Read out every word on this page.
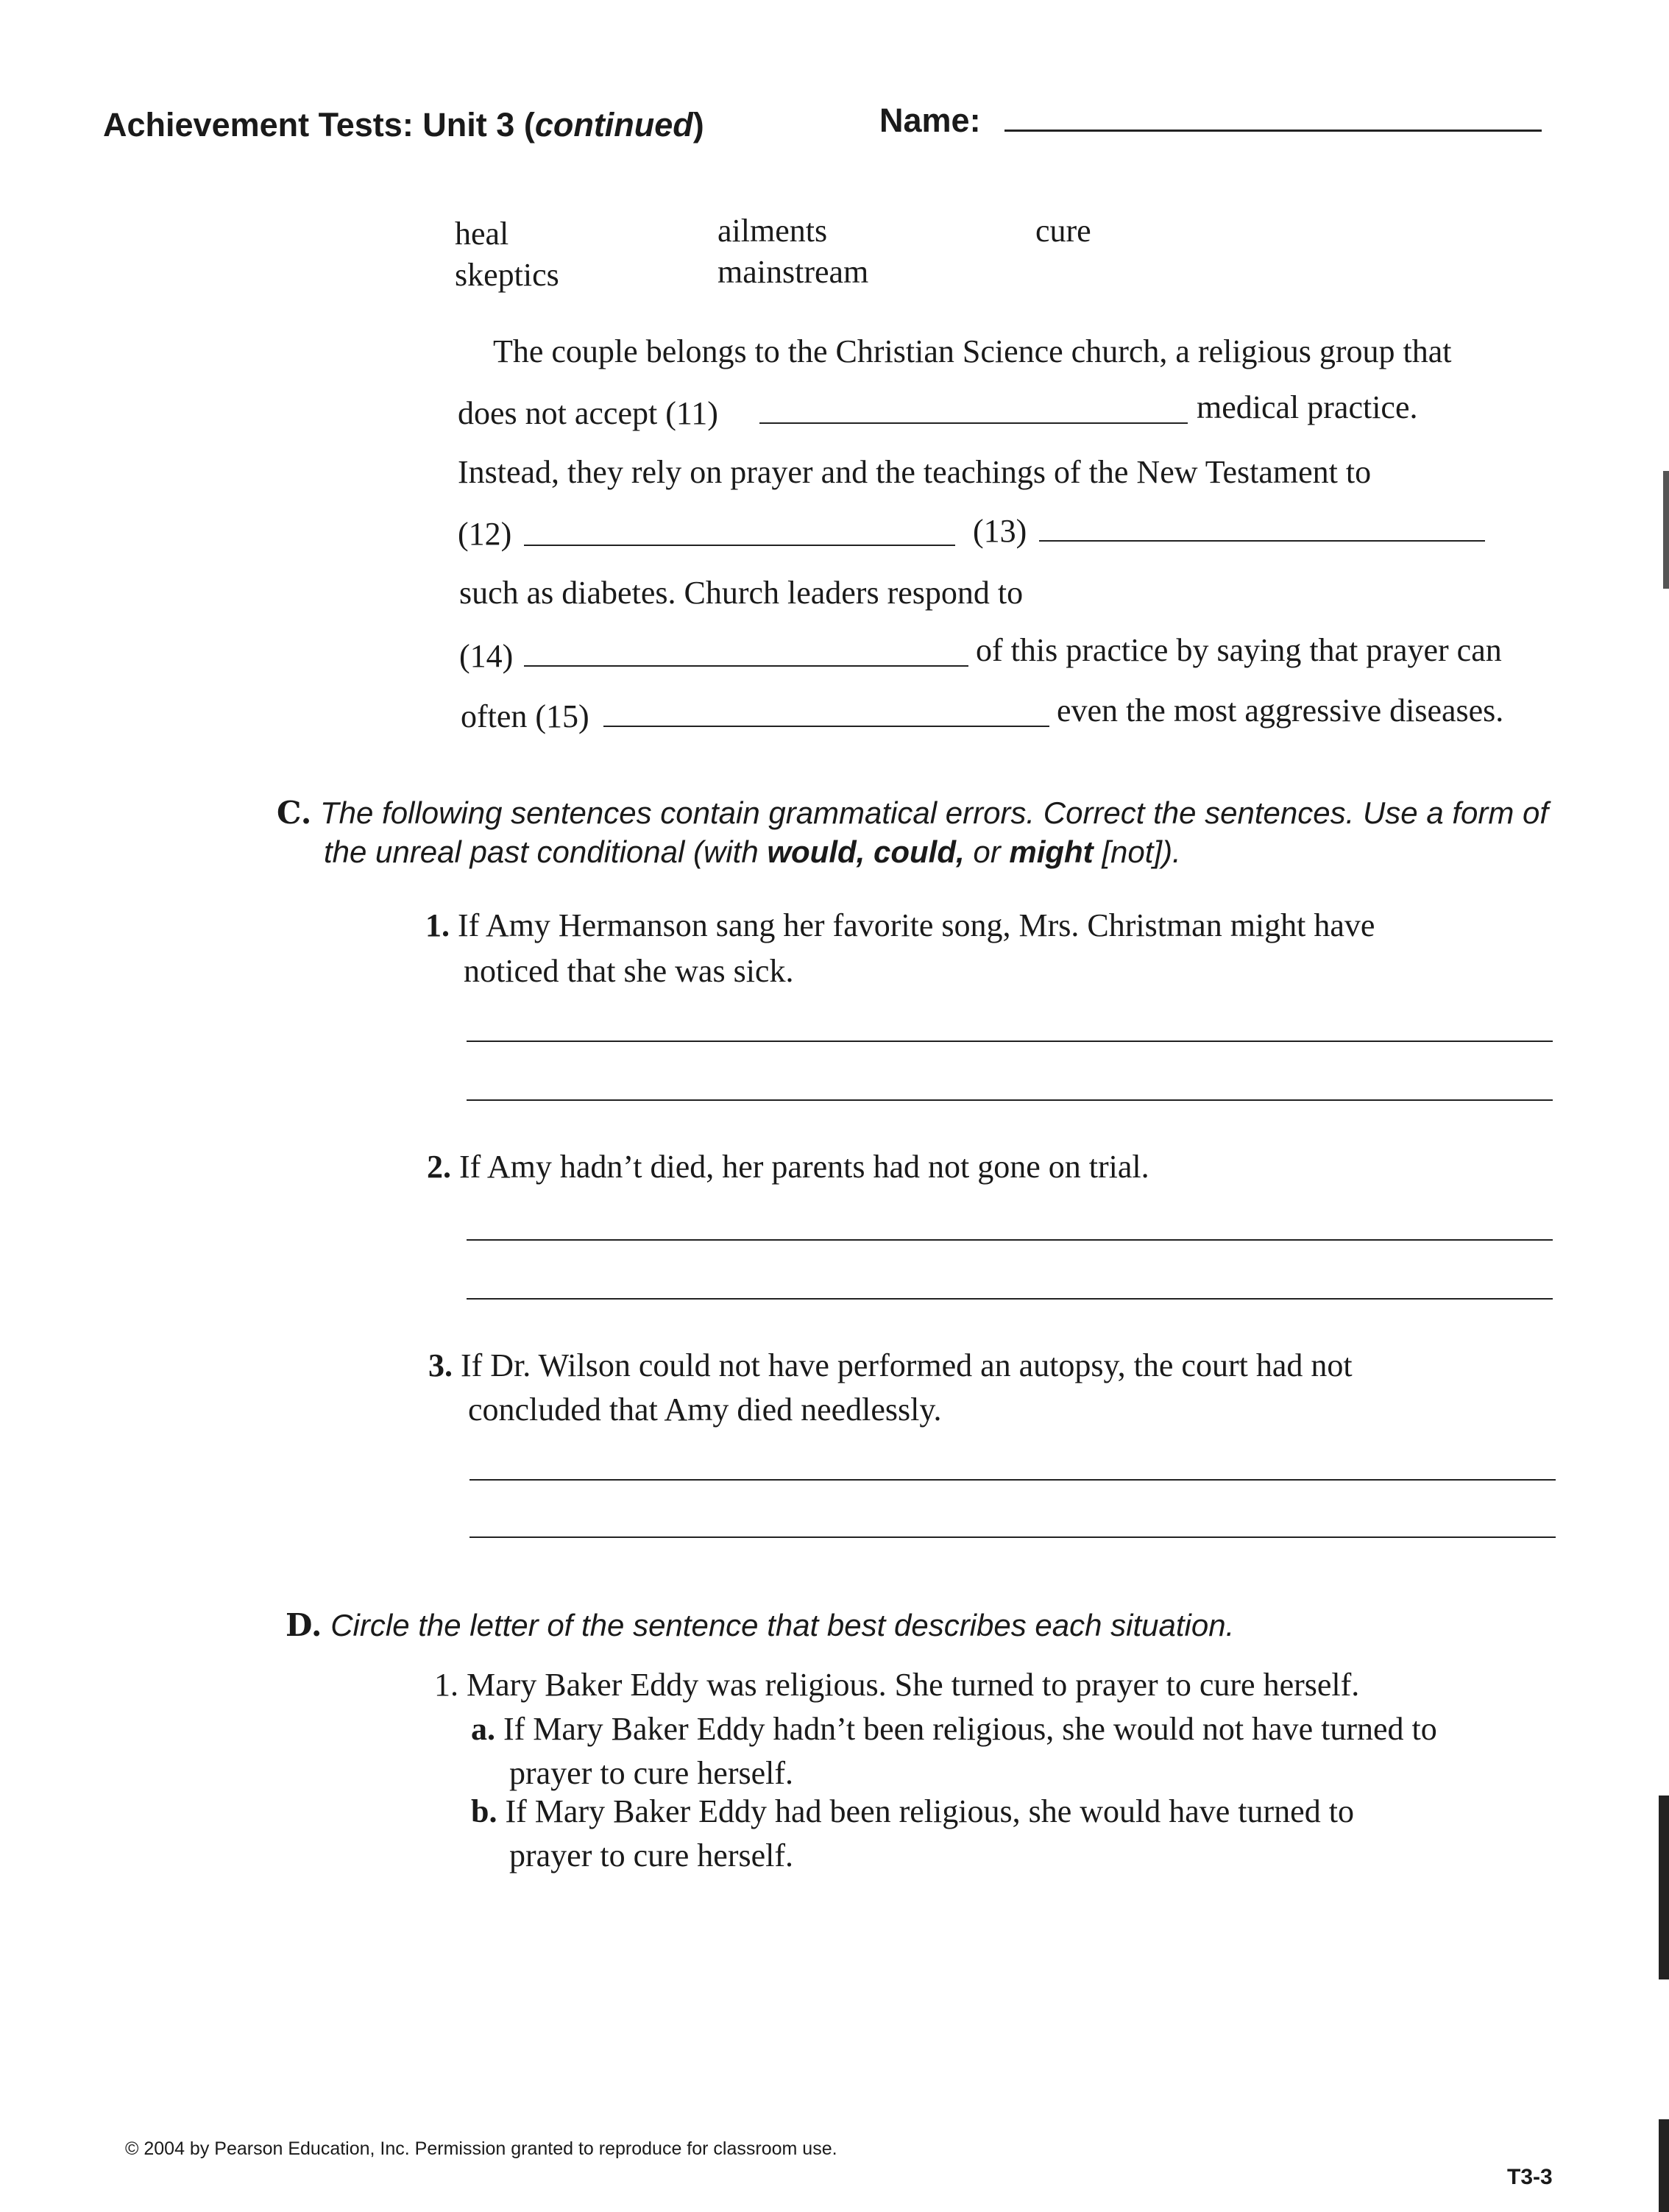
Achievement Tests: Unit 3 (continued)	Name:
heal	ailments	cure
skeptics	mainstream
The couple belongs to the Christian Science church, a religious group that
does not accept (11)	medical practice.
Instead, they rely on prayer and the teachings of the New Testament to
(12)	(13)
such as diabetes. Church leaders respond to
(14)	of this practice by saying that prayer can
often (15)	even the most aggressive diseases.
C. The following sentences contain grammatical errors. Correct the sentences. Use a form of
the unreal past conditional (with would, could, or might [not]).
1. If Amy Hermanson sang her favorite song, Mrs. Christman might have
noticed that she was sick.
2. If Amy hadn’t died, her parents had not gone on trial.
3. If Dr. Wilson could not have performed an autopsy, the court had not
concluded that Amy died needlessly.
D. Circle the letter of the sentence that best describes each situation.
1. Mary Baker Eddy was religious. She turned to prayer to cure herself.
a. If Mary Baker Eddy hadn’t been religious, she would not have turned to
prayer to cure herself.
b. If Mary Baker Eddy had been religious, she would have turned to
prayer to cure herself.
© 2004 by Pearson Education, Inc. Permission granted to reproduce for classroom use.
T3-3
